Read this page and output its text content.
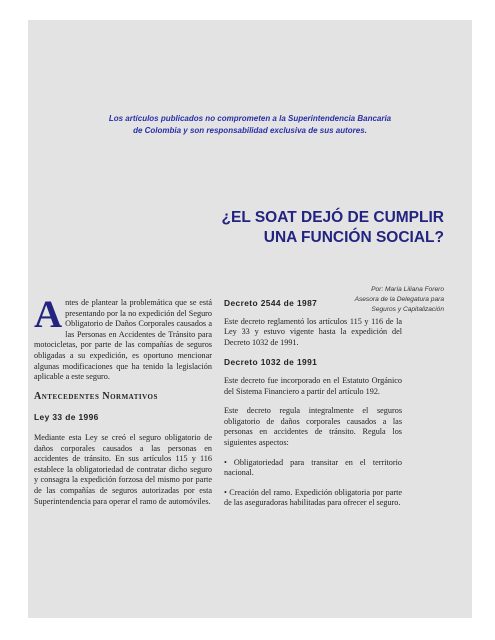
Los artículos publicados no comprometen a la Superintendencia Bancaria
de Colombia y son responsabilidad exclusiva de sus autores.
¿EL SOAT DEJÓ DE CUMPLIR
UNA FUNCIÓN SOCIAL?
Por: María Liliana Forero
Asesora de la Delegatura para
Seguros y Capitalización

Antes de plantear la problemática que se está presentando por la no expedición del Seguro Obligatorio de Daños Corporales causados a las Personas en Accidentes de Tránsito para motocicletas, por parte de las compañías de seguros obligadas a su expedición, es oportuno mencionar algunas modificaciones que ha tenido la legislación aplicable a este seguro.

Antecedentes Normativos
Ley 33 de 1996

Mediante esta Ley se creó el seguro obligatorio de daños corporales causados a las personas en accidentes de tránsito. En sus artículos 115 y 116 establece la obligatoriedad de contratar dicho seguro y consagra la expedición forzosa del mismo por parte de las compañías de seguros autorizadas por esta Superintendencia para operar el ramo de automóviles.

Decreto 2544 de 1987

Este decreto reglamentó los artículos 115 y 116 de la Ley 33 y estuvo vigente hasta la expedición del Decreto 1032 de 1991.

Decreto 1032 de 1991

Este decreto fue incorporado en el Estatuto Orgánico del Sistema Financiero a partir del artículo 192.

Este decreto regula integralmente el seguros obligatorio de daños corporales causados a las personas en accidentes de tránsito. Regula los siguientes aspectos:

• Obligatoriedad para transitar en el territorio nacional.

• Creación del ramo. Expedición obligatoria por parte de las aseguradoras habilitadas para ofrecer el seguro.
